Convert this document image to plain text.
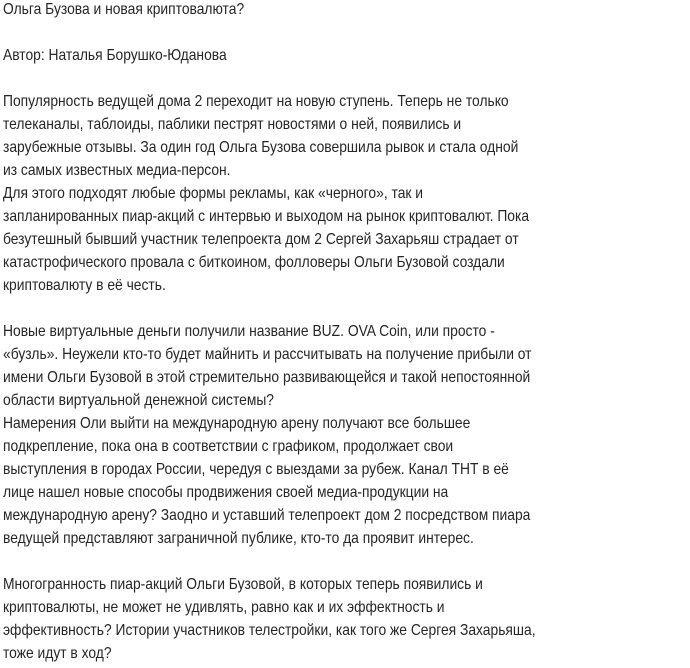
Ольга Бузова и новая криптовалюта?
Автор: Наталья Борушко-Юданова
Популярность ведущей дома 2 переходит на новую ступень. Теперь не только
телеканалы, таблоиды, паблики пестрят новостями о ней, появились и
зарубежные отзывы. За один год Ольга Бузова совершила рывок и стала одной
из самых известных медиа-персон.
Для этого подходят любые формы рекламы, как «черного», так и
запланированных пиар-акций с интервью и выходом на рынок криптовалют. Пока
безутешный бывший участник телепроекта дом 2 Сергей Захарьяш страдает от
катастрофического провала с биткоином, фолловеры Ольги Бузовой создали
криптовалюту в её честь.
Новые виртуальные деньги получили название BUZ. OVA Coin, или просто -
«бузль». Неужели кто-то будет майнить и рассчитывать на получение прибыли от
имени Ольги Бузовой в этой стремительно развивающейся и такой непостоянной
области виртуальной денежной системы?
Намерения Оли выйти на международную арену получают все большее
подкрепление, пока она в соответствии с графиком, продолжает свои
выступления в городах России, чередуя с выездами за рубеж. Канал ТНТ в её
лице нашел новые способы продвижения своей медиа-продукции на
международную арену? Заодно и уставший телепроект дом 2 посредством пиара
ведущей представляют заграничной публике, кто-то да проявит интерес.
Многогранность пиар-акций Ольги Бузовой, в которых теперь появились и
криптовалюты, не может не удивлять, равно как и их эффектность и
эффективность? Истории участников телестройки, как того же Сергея Захарьяша,
тоже идут в ход?
